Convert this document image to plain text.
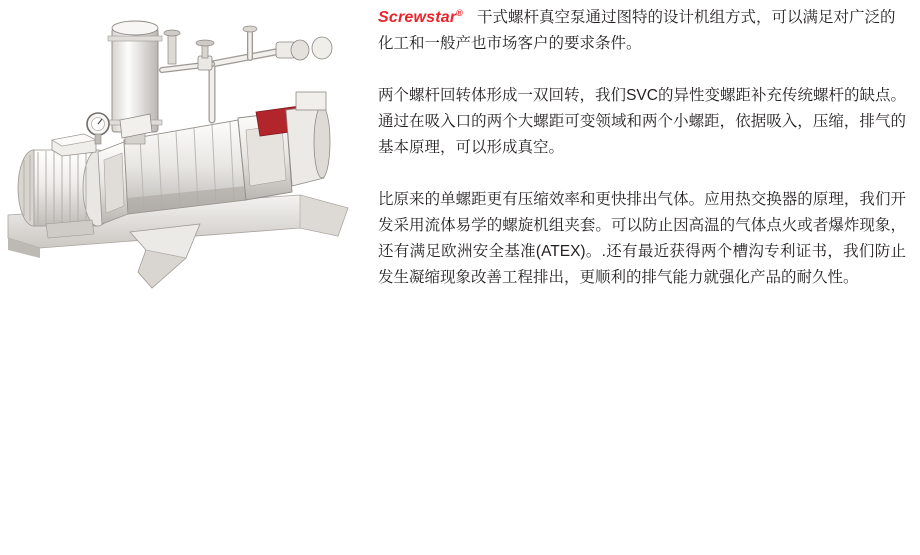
Screwstar® 干式螺杆真空泵通过图特的设计机组方式，可以满足对广泛的化工和一般产也市场客户的要求条件。

两个螺杆回转体形成一双回转，我们SVC的异性变螺距补充传统螺杆的缺点。通过在吸入口的两个大螺距可变领域和两个小螺距，依据吸入，压缩，排气的基本原理，可以形成真空。

比原来的单螺距更有压缩效率和更快排出气体。应用热交换器的原理，我们开发采用流体易学的螺旋机组夹套。可以防止因高温的气体点火或者爆炸现象，还有满足欧洲安全基准(ATEX)。.还有最近获得两个槽沟专利证书，我们防止发生凝缩现象改善工程排出，更顺利的排气能力就强化产品的耐久性。
